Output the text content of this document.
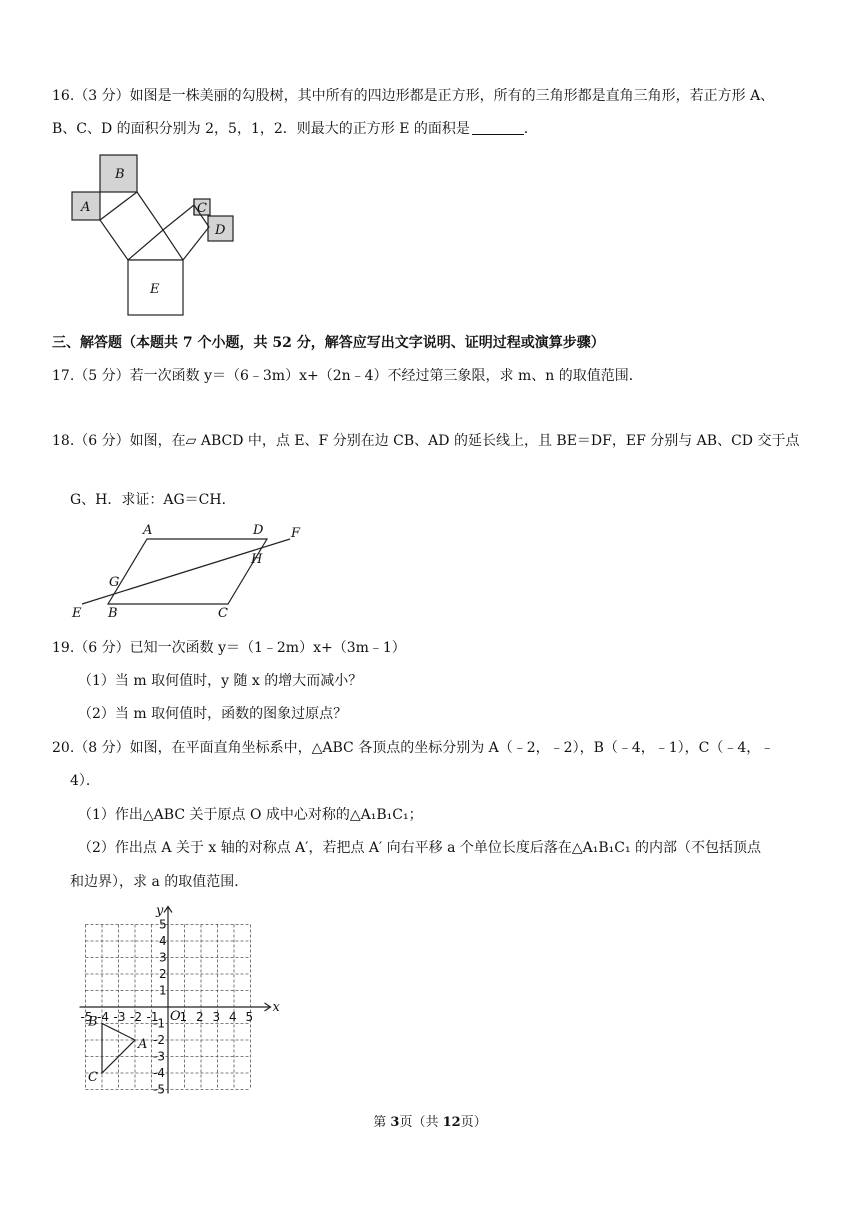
16.（3 分）如图是一株美丽的勾股树，其中所有的四边形都是正方形，所有的三角形都是直角三角形，若正方形 A、
B、C、D 的面积分别为 2，5，1，2．则最大的正方形 E 的面积是	．
B
A	C
D
E
三、解答题（本题共 7 个小题，共 52 分，解答应写出文字说明、证明过程或演算步骤）
17.（5 分）若一次函数 y＝（6﹣3m）x+（2n﹣4）不经过第三象限，求 m、n 的取值范围．
18.（6 分）如图，在▱ ABCD 中，点 E、F 分别在边 CB、AD 的延长线上，且 BE＝DF，EF 分别与 AB、CD 交于点
G、H．求证：AG＝CH．
A	D F
H
G
E B	C
19.（6 分）已知一次函数 y＝（1﹣2m）x+（3m﹣1）
（1）当 m 取何值时，y 随 x 的增大而减小？
（2）当 m 取何值时，函数的图象过原点？
20.（8 分）如图，在平面直角坐标系中，△ABC 各顶点的坐标分别为 A（﹣2，﹣2），B（﹣4，﹣1），C（﹣4，﹣
4）．
（1）作出△ABC 关于原点 O 成中心对称的△A₁B₁C₁；
（2）作出点 A 关于 x 轴的对称点 A′，若把点 A′ 向右平移 a 个单位长度后落在△A₁B₁C₁ 的内部（不包括顶点
和边界），求 a 的取值范围．
-5 -4 -3 -2 -1 1 2 3 4 5
5
4
3
2
1
-1
-2
-3
-4
-5
x
y
O
A
B
C
第 3页（共 12页）
